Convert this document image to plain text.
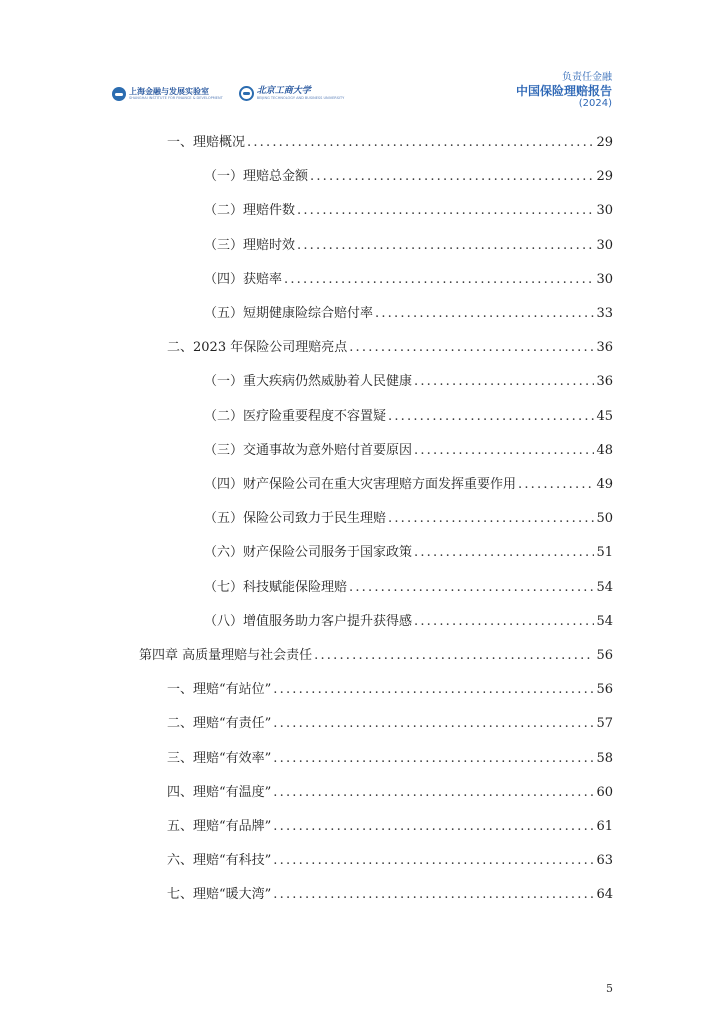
上海金融与发展实验室
SHANGHAI INSTITUTE FOR FINANCE & DEVELOPMENT
北京工商大学
BEIJING TECHNOLOGY AND BUSINESS UNIVERSITY
负责任金融
中国保险理赔报告
(2024)
一、理赔概况 .....	29
（一）理赔总金额 .....	29
（二）理赔件数 .....	30
（三）理赔时效 .....	30
（四）获赔率 .....	30
（五）短期健康险综合赔付率 .....	33
二、2023 年保险公司理赔亮点 .....	36
（一）重大疾病仍然威胁着人民健康 .....	36
（二）医疗险重要程度不容置疑 .....	45
（三）交通事故为意外赔付首要原因 .....	48
（四）财产保险公司在重大灾害理赔方面发挥重要作用 .....	49
（五）保险公司致力于民生理赔 .....	50
（六）财产保险公司服务于国家政策 .....	51
（七）科技赋能保险理赔 .....	54
（八）增值服务助力客户提升获得感 .....	54
第四章 高质量理赔与社会责任 .....	56
一、理赔“有站位” .....	56
二、理赔“有责任” .....	57
三、理赔“有效率” .....	58
四、理赔“有温度” .....	60
五、理赔“有品牌” .....	61
六、理赔“有科技” .....	63
七、理赔“暖大湾” .....	64
5
